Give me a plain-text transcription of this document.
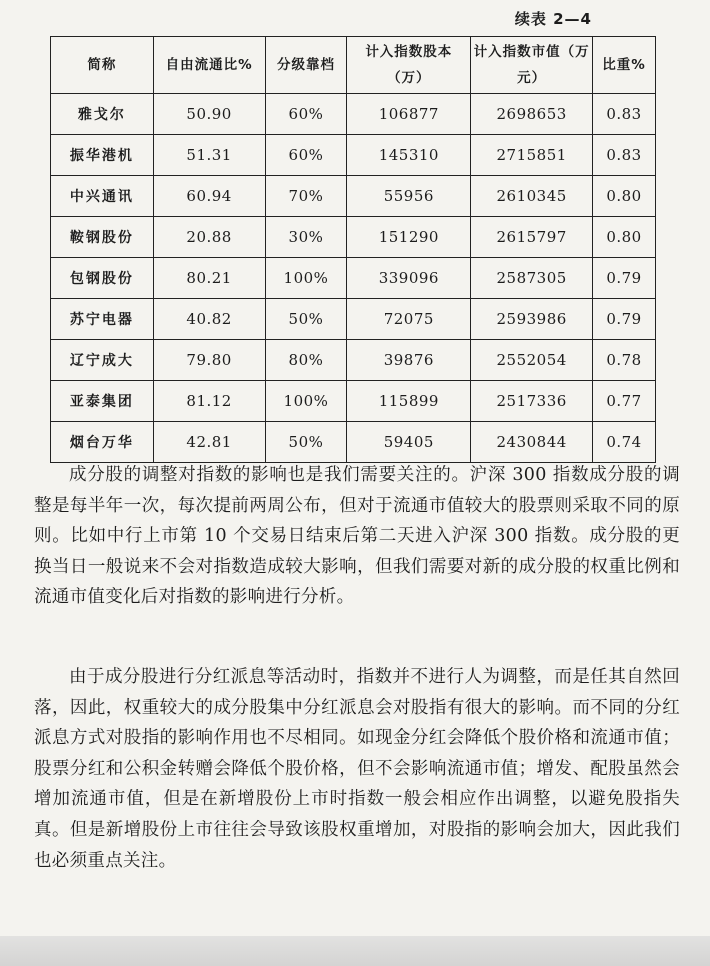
续表 2—4
简称	自由流通比%	分级靠档	计入指数股本（万）	计入指数市值（万元）	比重%
雅戈尔	50.90	60%	106877	2698653	0.83
振华港机	51.31	60%	145310	2715851	0.83
中兴通讯	60.94	70%	55956	2610345	0.80
鞍钢股份	20.88	30%	151290	2615797	0.80
包钢股份	80.21	100%	339096	2587305	0.79
苏宁电器	40.82	50%	72075	2593986	0.79
辽宁成大	79.80	80%	39876	2552054	0.78
亚泰集团	81.12	100%	115899	2517336	0.77
烟台万华	42.81	50%	59405	2430844	0.74
成分股的调整对指数的影响也是我们需要关注的。沪深 300 指数成分股的调整是每半年一次，每次提前两周公布，但对于流通市值较大的股票则采取不同的原则。比如中行上市第 10 个交易日结束后第二天进入沪深 300 指数。成分股的更换当日一般说来不会对指数造成较大影响，但我们需要对新的成分股的权重比例和流通市值变化后对指数的影响进行分析。
由于成分股进行分红派息等活动时，指数并不进行人为调整，而是任其自然回落，因此，权重较大的成分股集中分红派息会对股指有很大的影响。而不同的分红派息方式对股指的影响作用也不尽相同。如现金分红会降低个股价格和流通市值；股票分红和公积金转赠会降低个股价格，但不会影响流通市值；增发、配股虽然会增加流通市值，但是在新增股份上市时指数一般会相应作出调整，以避免股指失真。但是新增股份上市往往会导致该股权重增加，对股指的影响会加大，因此我们也必须重点关注。
